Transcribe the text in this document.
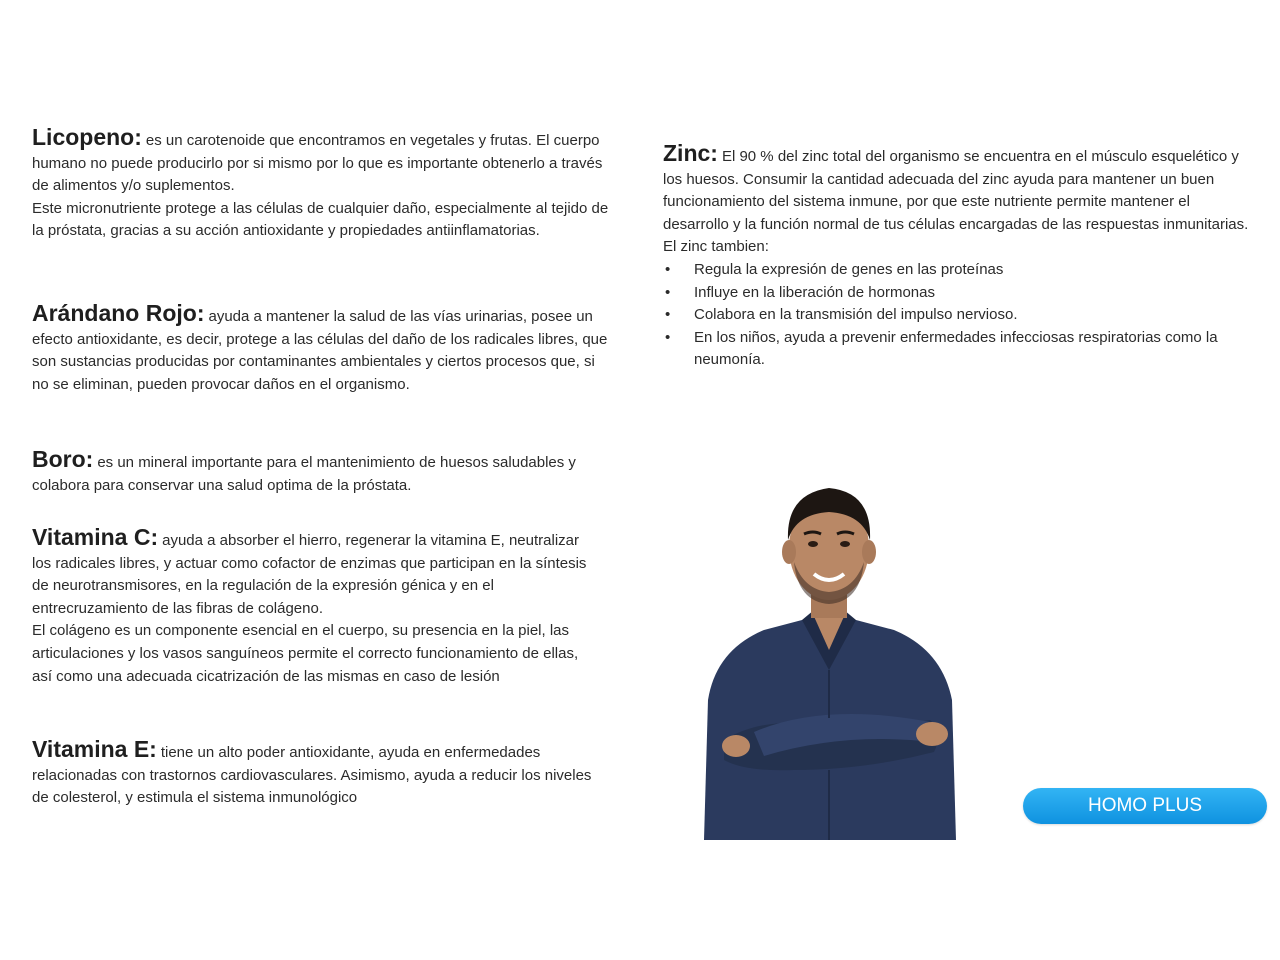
Licopeno: es un carotenoide que encontramos en vegetales y frutas. El cuerpo humano no puede producirlo por si mismo por lo que es importante obtenerlo a través de alimentos y/o suplementos.
Este micronutriente protege a las células de cualquier daño, especialmente al tejido de la próstata, gracias a su acción antioxidante y propiedades antiinflamatorias.
Arándano Rojo: ayuda a mantener la salud de las vías urinarias, posee un efecto antioxidante, es decir, protege a las células del daño de los radicales libres, que son sustancias producidas por contaminantes ambientales y ciertos procesos que, si no se eliminan, pueden provocar daños en el organismo.
Boro: es un mineral importante para el mantenimiento de huesos saludables y colabora para conservar una salud optima de la próstata.
Vitamina C: ayuda a absorber el hierro, regenerar la vitamina E, neutralizar los radicales libres, y actuar como cofactor de enzimas que participan en la síntesis de neurotransmisores, en la regulación de la expresión génica y en el entrecruzamiento de las fibras de colágeno.
El colágeno es un componente esencial en el cuerpo, su presencia en la piel, las articulaciones y los vasos sanguíneos permite el correcto funcionamiento de ellas, así como una adecuada cicatrización de las mismas en caso de lesión
Vitamina E: tiene un alto poder antioxidante, ayuda en enfermedades relacionadas con trastornos cardiovasculares. Asimismo, ayuda a reducir los niveles de colesterol, y estimula el sistema inmunológico
Zinc: El 90 % del zinc total del organismo se encuentra en el músculo esquelético y los huesos. Consumir la cantidad adecuada del zinc ayuda para mantener un buen funcionamiento del sistema inmune, por que este nutriente permite mantener el desarrollo y la función normal de tus células encargadas de las respuestas inmunitarias.
El zinc tambien:
• Regula la expresión de genes en las proteínas
• Influye en la liberación de hormonas
• Colabora en la transmisión del impulso nervioso.
• En los niños, ayuda a prevenir enfermedades infecciosas respiratorias como la neumonía.
HOMO PLUS
